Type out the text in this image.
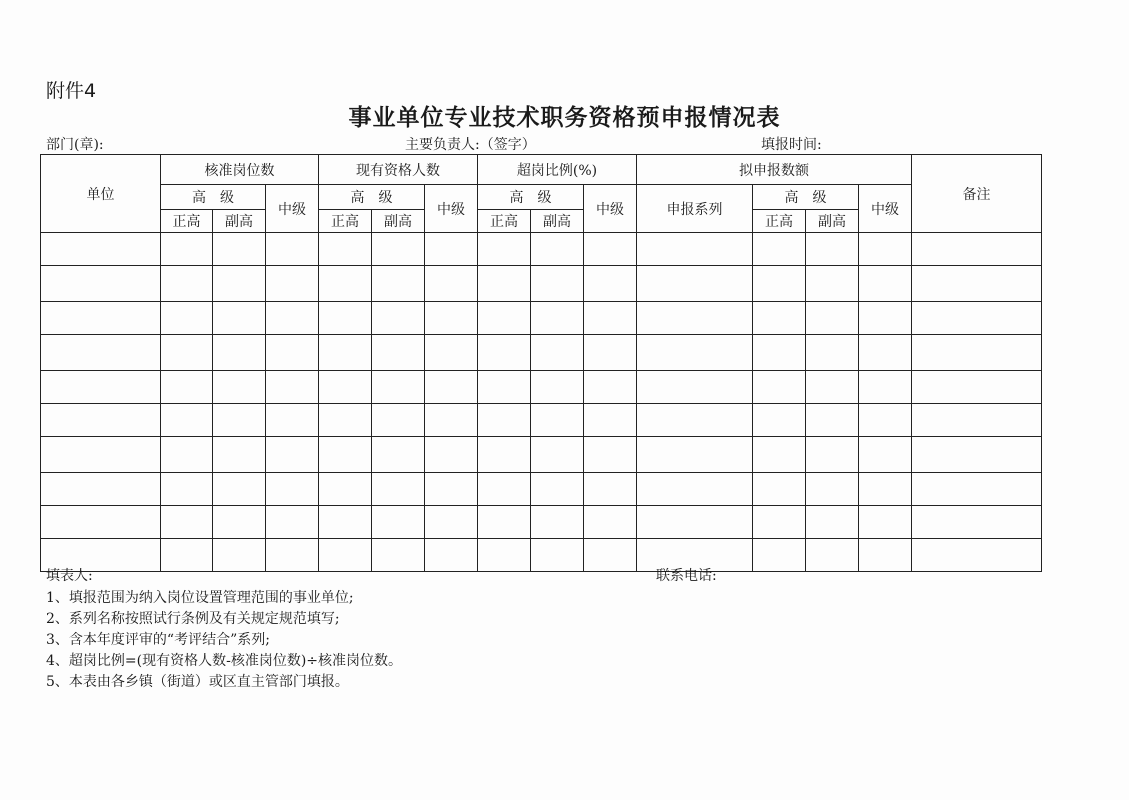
附件4
事业单位专业技术职务资格预申报情况表
部门(章):	主要负责人:（签字）	填报时间:
单位	核准岗位数			现有资格人数			超岗比例(%)			拟申报数额				备注
	高　级		中级	高　级		中级	高　级		中级	申报系列	高　级		中级	
	正高	副高		正高	副高		正高	副高			正高	副高		

填表人:	联系电话:
1、填报范围为纳入岗位设置管理范围的事业单位;
2、系列名称按照试行条例及有关规定规范填写;
3、含本年度评审的“考评结合”系列;
4、超岗比例=(现有资格人数-核准岗位数)÷核准岗位数。
5、本表由各乡镇（街道）或区直主管部门填报。
